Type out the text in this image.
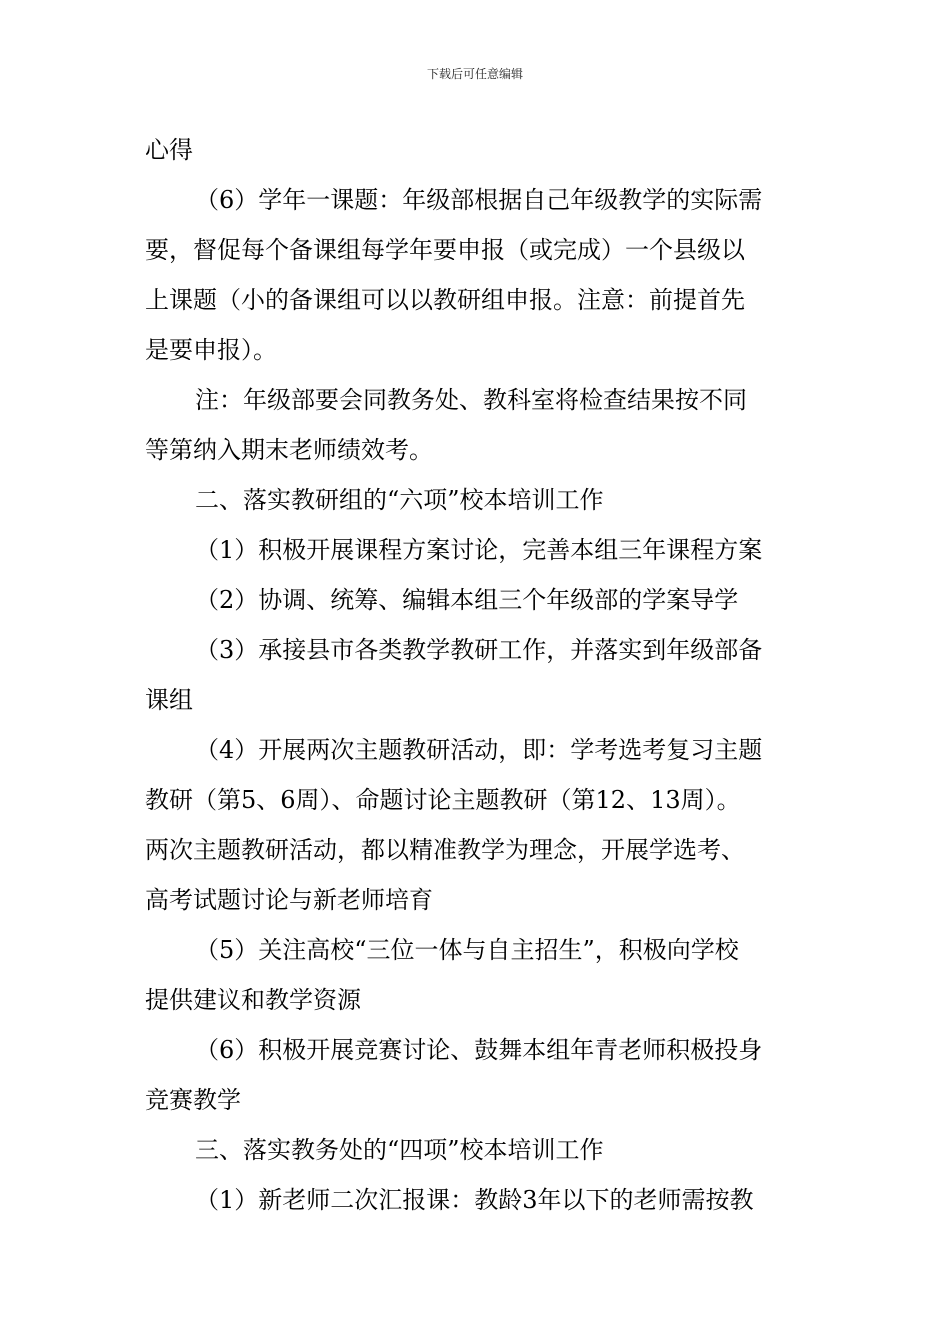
下载后可任意编辑
心得
（6）学年一课题：年级部根据自己年级教学的实际需
要，督促每个备课组每学年要申报（或完成）一个县级以
上课题（小的备课组可以以教研组申报。注意：前提首先
是要申报）。
注：年级部要会同教务处、教科室将检查结果按不同
等第纳入期末老师绩效考。
二、落实教研组的“六项”校本培训工作
（1）积极开展课程方案讨论，完善本组三年课程方案
（2）协调、统筹、编辑本组三个年级部的学案导学
（3）承接县市各类教学教研工作，并落实到年级部备
课组
（4）开展两次主题教研活动，即：学考选考复习主题
教研（第5、6周）、命题讨论主题教研（第12、13周）。
两次主题教研活动，都以精准教学为理念，开展学选考、
高考试题讨论与新老师培育
（5）关注高校“三位一体与自主招生”，积极向学校
提供建议和教学资源
（6）积极开展竞赛讨论、鼓舞本组年青老师积极投身
竞赛教学
三、落实教务处的“四项”校本培训工作
（1）新老师二次汇报课：教龄3年以下的老师需按教
